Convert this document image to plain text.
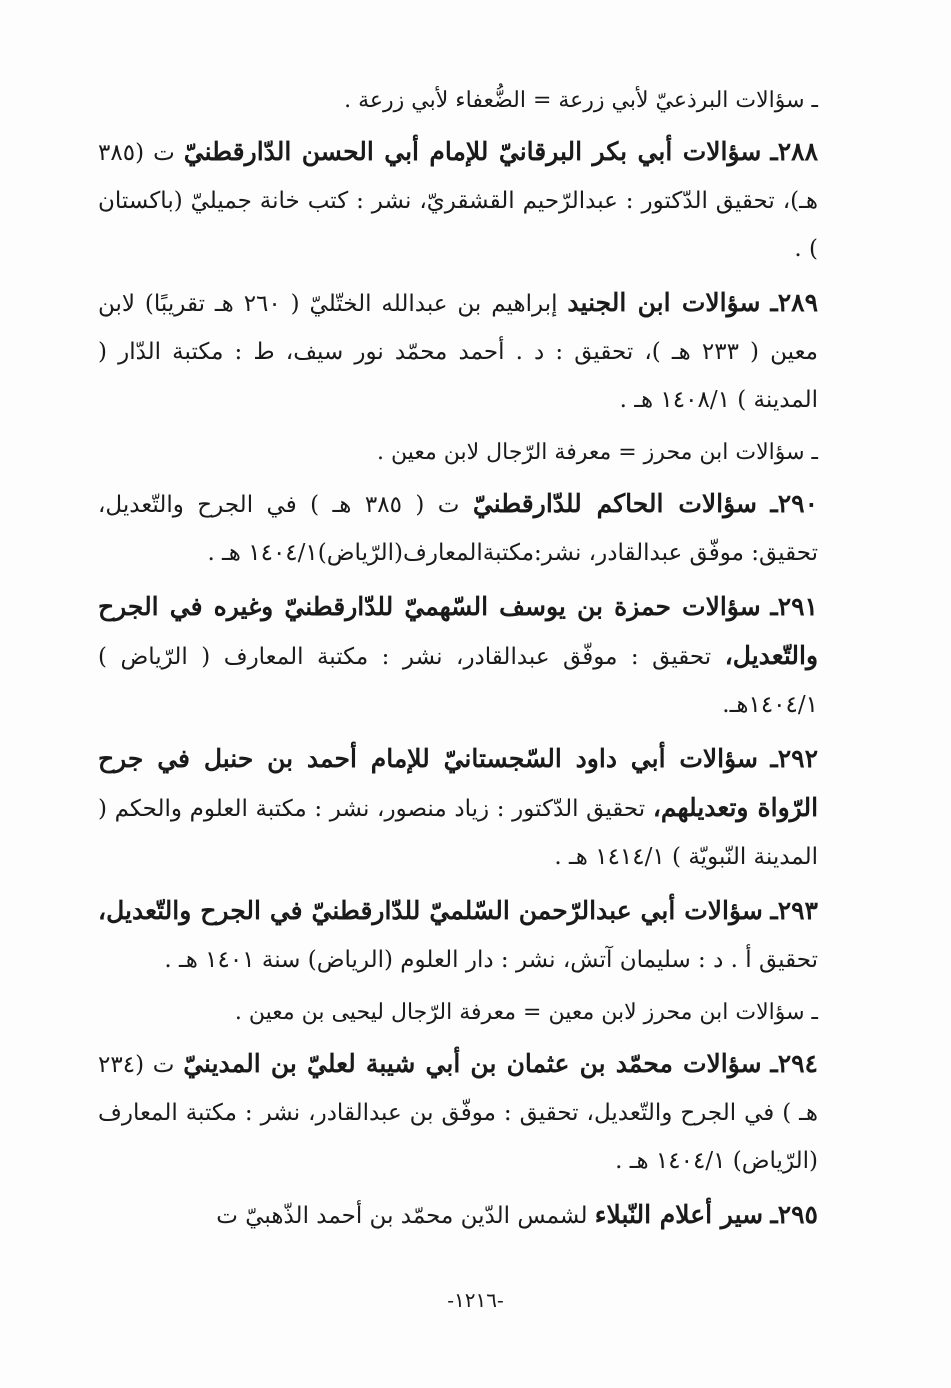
ـ سؤالات البرذعيّ لأبي زرعة = الضُّعفاء لأبي زرعة .
٢٨٨ـ سؤالات أبي بكر البرقانيّ للإمام أبي الحسن الدّارقطنيّ ت (٣٨٥ هـ)، تحقيق الدّكتور : عبدالرّحيم القشقريّ، نشر : كتب خانة جميليّ (باكستان ) .
٢٨٩ـ سؤالات ابن الجنيد إبراهيم بن عبدالله الختّليّ ( ٢٦٠ هـ تقريبًا) لابن معين ( ٢٣٣ هـ )، تحقيق : د . أحمد محمّد نور سيف، ط : مكتبة الدّار ( المدينة ) ١٤٠٨/١ هـ .
ـ سؤالات ابن محرز = معرفة الرّجال لابن معين .
٢٩٠ـ سؤالات الحاكم للدّارقطنيّ ت ( ٣٨٥ هـ ) في الجرح والتّعديل، تحقيق: موفّق عبدالقادر، نشر:مكتبةالمعارف(الرّياض)١٤٠٤/١ هـ .
٢٩١ـ سؤالات حمزة بن يوسف السّهميّ للدّارقطنيّ وغيره في الجرح والتّعديل، تحقيق : موفّق عبدالقادر، نشر : مكتبة المعارف ( الرّياض ) ١٤٠٤/١هـ.
٢٩٢ـ سؤالات أبي داود السّجستانيّ للإمام أحمد بن حنبل في جرح الرّواة وتعديلهم، تحقيق الدّكتور : زياد منصور، نشر : مكتبة العلوم والحكم ( المدينة النّبويّة ) ١٤١٤/١ هـ .
٢٩٣ـ سؤالات أبي عبدالرّحمن السّلميّ للدّارقطنيّ في الجرح والتّعديل، تحقيق أ . د : سليمان آتش، نشر : دار العلوم (الرياض) سنة ١٤٠١ هـ .
ـ سؤالات ابن محرز لابن معين = معرفة الرّجال ليحيى بن معين .
٢٩٤ـ سؤالات محمّد بن عثمان بن أبي شيبة لعليّ بن المدينيّ ت (٢٣٤ هـ ) في الجرح والتّعديل، تحقيق : موفّق بن عبدالقادر، نشر : مكتبة المعارف (الرّياض) ١٤٠٤/١ هـ .
٢٩٥ـ سير أعلام النّبلاء لشمس الدّين محمّد بن أحمد الذّهبيّ ت
-١٢١٦-
